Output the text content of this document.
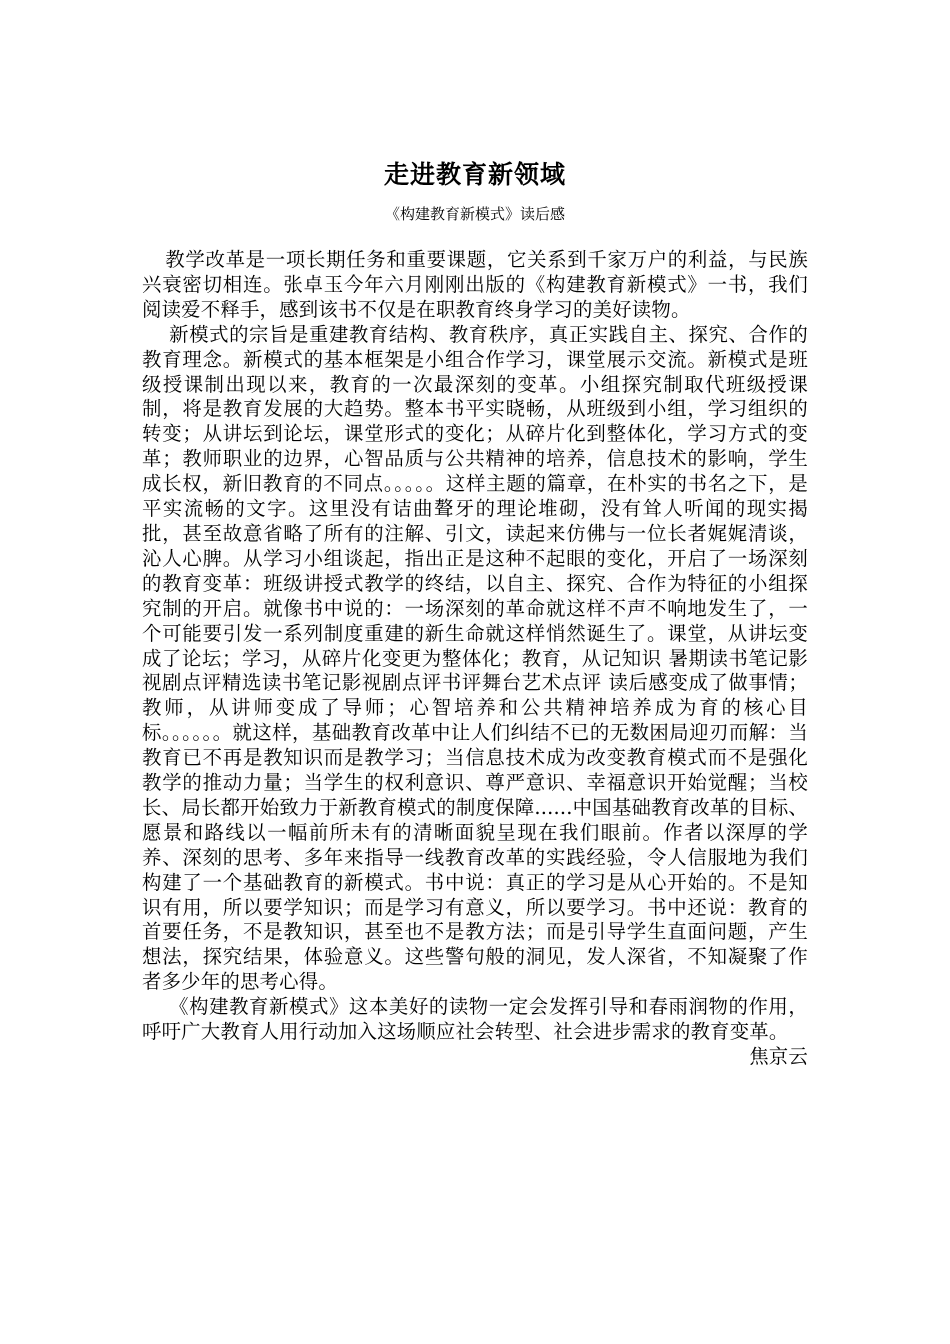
走进教育新领域
《构建教育新模式》读后感

教学改革是一项长期任务和重要课题，它关系到千家万户的利益，与民族兴衰密切相连。张卓玉今年六月刚刚出版的《构建教育新模式》一书，我们阅读爱不释手，感到该书不仅是在职教育终身学习的美好读物。

新模式的宗旨是重建教育结构、教育秩序，真正实践自主、探究、合作的教育理念。新模式的基本框架是小组合作学习，课堂展示交流。新模式是班级授课制出现以来，教育的一次最深刻的变革。小组探究制取代班级授课制，将是教育发展的大趋势。整本书平实晓畅，从班级到小组，学习组织的转变；从讲坛到论坛，课堂形式的变化；从碎片化到整体化，学习方式的变革；教师职业的边界，心智品质与公共精神的培养，信息技术的影响，学生成长权，新旧教育的不同点。。。。。这样主题的篇章，在朴实的书名之下，是平实流畅的文字。这里没有诘曲聱牙的理论堆砌，没有耸人听闻的现实揭批，甚至故意省略了所有的注解、引文，读起来仿佛与一位长者娓娓清谈，沁人心脾。从学习小组谈起，指出正是这种不起眼的变化，开启了一场深刻的教育变革：班级讲授式教学的终结，以自主、探究、合作为特征的小组探究制的开启。就像书中说的：一场深刻的革命就这样不声不响地发生了，一个可能要引发一系列制度重建的新生命就这样悄然诞生了。课堂，从讲坛变成了论坛；学习，从碎片化变更为整体化；教育，从记知识 暑期读书笔记影视剧点评精选读书笔记影视剧点评书评舞台艺术点评 读后感变成了做事情；教师，从讲师变成了导师；心智培养和公共精神培养成为育的核心目标。。。。。。就这样，基础教育改革中让人们纠结不已的无数困局迎刃而解：当教育已不再是教知识而是教学习；当信息技术成为改变教育模式而不是强化教学的推动力量；当学生的权利意识、尊严意识、幸福意识开始觉醒；当校长、局长都开始致力于新教育模式的制度保障......中国基础教育改革的目标、愿景和路线以一幅前所未有的清晰面貌呈现在我们眼前。作者以深厚的学养、深刻的思考、多年来指导一线教育改革的实践经验，令人信服地为我们构建了一个基础教育的新模式。书中说：真正的学习是从心开始的。不是知识有用，所以要学知识；而是学习有意义，所以要学习。书中还说：教育的首要任务，不是教知识，甚至也不是教方法；而是引导学生直面问题，产生想法，探究结果，体验意义。这些警句般的洞见，发人深省，不知凝聚了作者多少年的思考心得。

《构建教育新模式》这本美好的读物一定会发挥引导和春雨润物的作用，呼吁广大教育人用行动加入这场顺应社会转型、社会进步需求的教育变革。

焦京云
